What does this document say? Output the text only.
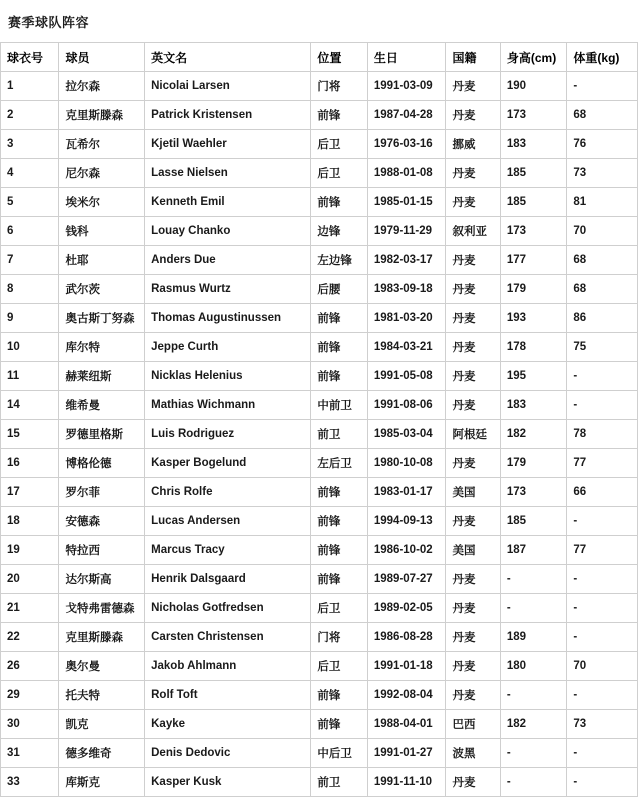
赛季球队阵容
球衣号	球员	英文名	位置	生日	国籍	身高(cm)	体重(kg)
1	拉尔森	Nicolai Larsen	门将	1991-03-09	丹麦	190	-
2	克里斯滕森	Patrick Kristensen	前锋	1987-04-28	丹麦	173	68
3	瓦希尔	Kjetil Waehler	后卫	1976-03-16	挪威	183	76
4	尼尔森	Lasse Nielsen	后卫	1988-01-08	丹麦	185	73
5	埃米尔	Kenneth Emil	前锋	1985-01-15	丹麦	185	81
6	钱科	Louay Chanko	边锋	1979-11-29	叙利亚	173	70
7	杜耶	Anders Due	左边锋	1982-03-17	丹麦	177	68
8	武尔茨	Rasmus Wurtz	后腰	1983-09-18	丹麦	179	68
9	奥古斯丁努森	Thomas Augustinussen	前锋	1981-03-20	丹麦	193	86
10	库尔特	Jeppe Curth	前锋	1984-03-21	丹麦	178	75
11	赫莱纽斯	Nicklas Helenius	前锋	1991-05-08	丹麦	195	-
14	维希曼	Mathias Wichmann	中前卫	1991-08-06	丹麦	183	-
15	罗德里格斯	Luis Rodriguez	前卫	1985-03-04	阿根廷	182	78
16	博格伦德	Kasper Bogelund	左后卫	1980-10-08	丹麦	179	77
17	罗尔菲	Chris Rolfe	前锋	1983-01-17	美国	173	66
18	安德森	Lucas Andersen	前锋	1994-09-13	丹麦	185	-
19	特拉西	Marcus Tracy	前锋	1986-10-02	美国	187	77
20	达尔斯高	Henrik Dalsgaard	前锋	1989-07-27	丹麦	-	-
21	戈特弗雷德森	Nicholas Gotfredsen	后卫	1989-02-05	丹麦	-	-
22	克里斯滕森	Carsten Christensen	门将	1986-08-28	丹麦	189	-
26	奥尔曼	Jakob Ahlmann	后卫	1991-01-18	丹麦	180	70
29	托夫特	Rolf Toft	前锋	1992-08-04	丹麦	-	-
30	凯克	Kayke	前锋	1988-04-01	巴西	182	73
31	德多维奇	Denis Dedovic	中后卫	1991-01-27	波黑	-	-
33	库斯克	Kasper Kusk	前卫	1991-11-10	丹麦	-	-
